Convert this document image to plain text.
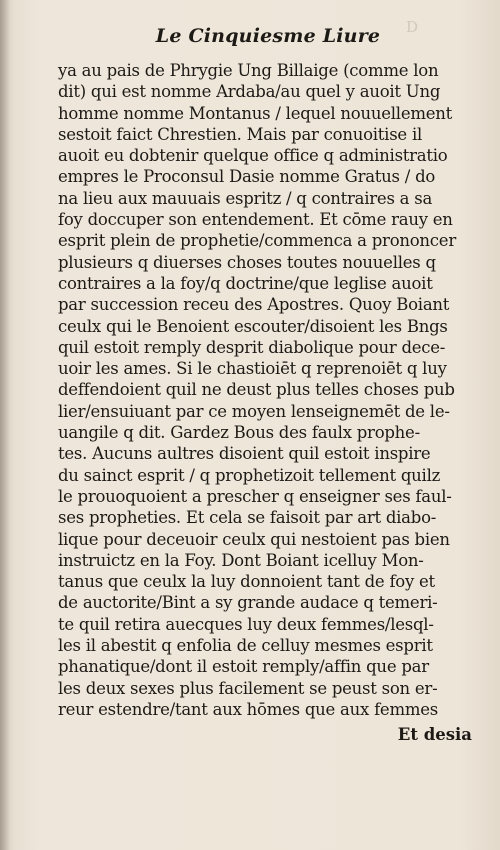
D
Le Cinquiesme Liure
ya au pais de Phrygie Ung Billaige (comme lon
dit) qui est nomme Ardaba/au quel y auoit Ung
homme nomme Montanus / lequel nouuellement
sestoit faict Chrestien. Mais par conuoitise il
auoit eu dobtenir quelque office q administratio
empres le Proconsul Dasie nomme Gratus / do
na lieu aux mauuais espritz / q contraires a sa
foy doccuper son entendement. Et cōme rauy en
esprit plein de prophetie/commenca a prononcer
plusieurs q diuerses choses toutes nouuelles q
contraires a la foy/q doctrine/que leglise auoit
par succession receu des Apostres. Quoy Boiant
ceulx qui le Benoient escouter/disoient les Bngs
quil estoit remply desprit diabolique pour dece-
uoir les ames. Si le chastioiēt q reprenoiēt q luy
deffendoient quil ne deust plus telles choses pub
lier/ensuiuant par ce moyen lenseignemēt de le-
uangile q dit. Gardez Bous des faulx prophe-
tes. Aucuns aultres disoient quil estoit inspire
du sainct esprit / q prophetizoit tellement quilz
le prouoquoient a prescher q enseigner ses faul-
ses propheties. Et cela se faisoit par art diabo-
lique pour deceuoir ceulx qui nestoient pas bien
instruictz en la Foy. Dont Boiant icelluy Mon-
tanus que ceulx la luy donnoient tant de foy et
de auctorite/Bint a sy grande audace q temeri-
te quil retira auecques luy deux femmes/lesql-
les il abestit q enfolia de celluy mesmes esprit
phanatique/dont il estoit remply/affin que par
les deux sexes plus facilement se peust son er-
reur estendre/tant aux hōmes que aux femmes
Et desia
